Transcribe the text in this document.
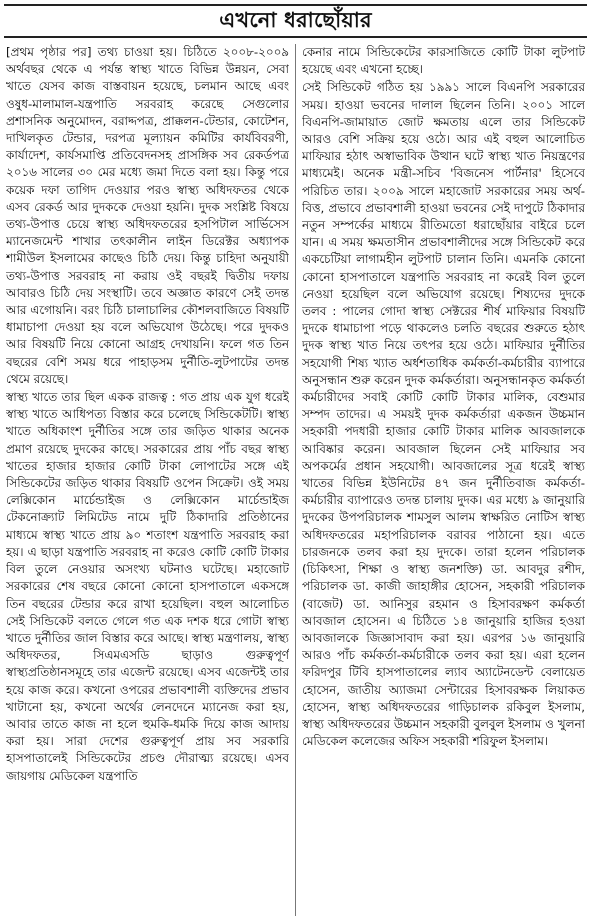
এখনো ধরাছোঁয়ার

[প্রথম পৃষ্ঠার পর] তথ্য চাওয়া হয়। চিঠিতে ২০০৮-২০০৯ অর্থবছর থেকে এ পর্যন্ত স্বাস্থ্য খাতে বিভিন্ন উন্নয়ন, সেবা খাতে যেসব কাজ বাস্তবায়ন হয়েছে, চলমান আছে এবং ওষুধ-মালামাল-যন্ত্রপাতি সরবরাহ করেছে সেগুলোর প্রশাসনিক অনুমোদন, বরাদ্দপত্র, প্রাক্কলন-টেন্ডার, কোটেশন, দাখিলকৃত টেন্ডার, দরপত্র মূল্যায়ন কমিটির কার্যবিবরণী, কার্যাদেশ, কার্যসমাপ্তি প্রতিবেদনসহ প্রাসঙ্গিক সব রেকর্ডপত্র ২০১৬ সালের ৩০ মের মধ্যে জমা দিতে বলা হয়। কিন্তু পরে কয়েক দফা তাগিদ দেওয়ার পরও স্বাস্থ্য অধিদফতর থেকে এসব রেকর্ড আর দুদককে দেওয়া হয়নি। দুদক সংশ্লিষ্ট বিষয়ে তথ্য-উপাত্ত চেয়ে স্বাস্থ্য অধিদফতরের হসপিটাল সার্ভিসেস ম্যানেজমেন্ট শাখার তৎকালীন লাইন ডিরেক্টর অধ্যাপক শামীউল ইসলামের কাছেও চিঠি দেয়। কিন্তু চাহিদা অনুযায়ী তথ্য-উপাত্ত সরবরাহ না করায় ওই বছরই দ্বিতীয় দফায় আবারও চিঠি দেয় সংস্থাটি। তবে অজ্ঞাত কারণে সেই তদন্ত আর এগোয়নি। বরং চিঠি চালাচালির কৌশলবাজিতে বিষয়টি ধামাচাপা দেওয়া হয় বলে অভিযোগ উঠেছে। পরে দুদকও আর বিষয়টি নিয়ে কোনো আগ্রহ দেখায়নি। ফলে গত তিন বছরের বেশি সময় ধরে পাহাড়সম দুর্নীতি-লুটপাটের তদন্ত থেমে রয়েছে।

স্বাস্থ্য খাতে তার ছিল একক রাজত্ব : গত প্রায় এক যুগ ধরেই স্বাস্থ্য খাতে আধিপত্য বিস্তার করে চলেছে সিন্ডিকেটটি। স্বাস্থ্য খাতে অধিকাংশ দুর্নীতির সঙ্গে তার জড়িত থাকার অনেক প্রমাণ রয়েছে দুদকের কাছে। সরকারের প্রায় পাঁচ বছর স্বাস্থ্য খাতের হাজার হাজার কোটি টাকা লোপাটের সঙ্গে এই সিন্ডিকেটের জড়িত থাকার বিষয়টি ওপেন সিক্রেট। ওই সময় লেক্সিকোন মার্চেন্ডাইজ ও লেক্সিকোন মার্চেন্ডাইজ টেকনোক্র্যাট লিমিটেড নামে দুটি ঠিকাদারি প্রতিষ্ঠানের মাধ্যমে স্বাস্থ্য খাতে প্রায় ৯০ শতাংশ যন্ত্রপাতি সরবরাহ করা হয়। এ ছাড়া যন্ত্রপাতি সরবরাহ না করেও কোটি কোটি টাকার বিল তুলে নেওয়ার অসংখ্য ঘটনাও ঘটেছে। মহাজোট সরকারের শেষ বছরে কোনো কোনো হাসপাতালে একসঙ্গে তিন বছরের টেন্ডার করে রাখা হয়েছিল। বহুল আলোচিত সেই সিন্ডিকেট বলতে গেলে গত এক দশক ধরে গোটা স্বাস্থ্য খাতে দুর্নীতির জাল বিস্তার করে আছে। স্বাস্থ্য মন্ত্রণালয়, স্বাস্থ্য অধিদফতর, সিএমএসডি ছাড়াও গুরুত্বপূর্ণ স্বাস্থ্যপ্রতিষ্ঠানসমূহে তার এজেন্ট রয়েছে। এসব এজেন্টই তার হয়ে কাজ করে। কখনো ওপরের প্রভাবশালী ব্যক্তিদের প্রভাব খাটানো হয়, কখনো অর্থের লেনদেনে ম্যানেজ করা হয়, আবার তাতে কাজ না হলে হুমকি-ধমকি দিয়ে কাজ আদায় করা হয়। সারা দেশের গুরুত্বপূর্ণ প্রায় সব সরকারি হাসপাতালেই সিন্ডিকেটের প্রচণ্ড দৌরাত্ম্য রয়েছে। এসব জায়গায় মেডিকেল যন্ত্রপাতি

কেনার নামে সিন্ডিকেটের কারসাজিতে কোটি টাকা লুটপাট হয়েছে এবং এখনো হচ্ছে।

সেই সিন্ডিকেট গঠিত হয় ১৯৯১ সালে বিএনপি সরকারের সময়। হাওয়া ভবনের দালাল ছিলেন তিনি। ২০০১ সালে বিএনপি-জামায়াত জোট ক্ষমতায় এলে তার সিন্ডিকেট আরও বেশি সক্রিয় হয়ে ওঠে। আর এই বহুল আলোচিত মাফিয়ার হঠাৎ অস্বাভাবিক উত্থান ঘটে স্বাস্থ্য খাত নিয়ন্ত্রণের মাধ্যমেই। অনেক মন্ত্রী-সচিব 'বিজনেস পার্টনার' হিসেবে পরিচিত তার। ২০০৯ সালে মহাজোট সরকারের সময় অর্থ-বিত্ত, প্রভাবে প্রভাবশালী হাওয়া ভবনের সেই দাপুটে ঠিকাদার নতুন সম্পর্কের মাধ্যমে রীতিমতো ধরাছোঁয়ার বাইরে চলে যান। এ সময় ক্ষমতাসীন প্রভাবশালীদের সঙ্গে সিন্ডিকেট করে একচেটিয়া লাগামহীন লুটপাট চালান তিনি। এমনকি কোনো কোনো হাসপাতালে যন্ত্রপাতি সরবরাহ না করেই বিল তুলে নেওয়া হয়েছিল বলে অভিযোগ রয়েছে। শিষ্যদের দুদকে তলব : পালের গোদা স্বাস্থ্য সেক্টরের শীর্ষ মাফিয়ার বিষয়টি দুদকে ধামাচাপা পড়ে থাকলেও চলতি বছরের শুরুতে হঠাৎ দুদক স্বাস্থ্য খাত নিয়ে তৎপর হয়ে ওঠে। মাফিয়ার দুর্নীতির সহযোগী শিষ্য খ্যাত অর্ধশতাধিক কর্মকর্তা-কর্মচারীর ব্যাপারে অনুসন্ধান শুরু করেন দুদক কর্মকর্তারা। অনুসন্ধানকৃত কর্মকর্তা কর্মচারীদের সবাই কোটি কোটি টাকার মালিক, বেশুমার সম্পদ তাদের। এ সময়ই দুদক কর্মকর্তারা একজন উচ্চমান সহকারী পদধারী হাজার কোটি টাকার মালিক আবজালকে আবিষ্কার করেন। আবজাল ছিলেন সেই মাফিয়ার সব অপকর্মের প্রধান সহযোগী। আবজালের সূত্র ধরেই স্বাস্থ্য খাতের বিভিন্ন ইউনিটের ৪৭ জন দুর্নীতিবাজ কর্মকর্তা-কর্মচারীর ব্যাপারেও তদন্ত চালায় দুদক। এর মধ্যে ৯ জানুয়ারি দুদকের উপপরিচালক শামসুল আলম স্বাক্ষরিত নোটিস স্বাস্থ্য অধিদফতরের মহাপরিচালক বরাবর পাঠানো হয়। এতে চারজনকে তলব করা হয় দুদকে। তারা হলেন পরিচালক (চিকিৎসা, শিক্ষা ও স্বাস্থ্য জনশক্তি) ডা. আবদুর রশীদ, পরিচালক ডা. কাজী জাহাঙ্গীর হোসেন, সহকারী পরিচালক (বাজেট) ডা. আনিসুর রহমান ও হিসাবরক্ষণ কর্মকর্তা আবজাল হোসেন। এ চিঠিতে ১৪ জানুয়ারি হাজির হওয়া আবজালকে জিজ্ঞাসাবাদ করা হয়। এরপর ১৬ জানুয়ারি আরও পাঁচ কর্মকর্তা-কর্মচারীকে তলব করা হয়। এরা হলেন ফরিদপুর টিবি হাসপাতালের ল্যাব অ্যাটেনডেন্ট বেলায়েত হোসেন, জাতীয় অ্যাজমা সেন্টারের হিসাবরক্ষক লিয়াকত হোসেন, স্বাস্থ্য অধিদফতরের গাড়িচালক রকিবুল ইসলাম, স্বাস্থ্য অধিদফতরের উচ্চমান সহকারী বুলবুল ইসলাম ও খুলনা মেডিকেল কলেজের অফিস সহকারী শরিফুল ইসলাম।
